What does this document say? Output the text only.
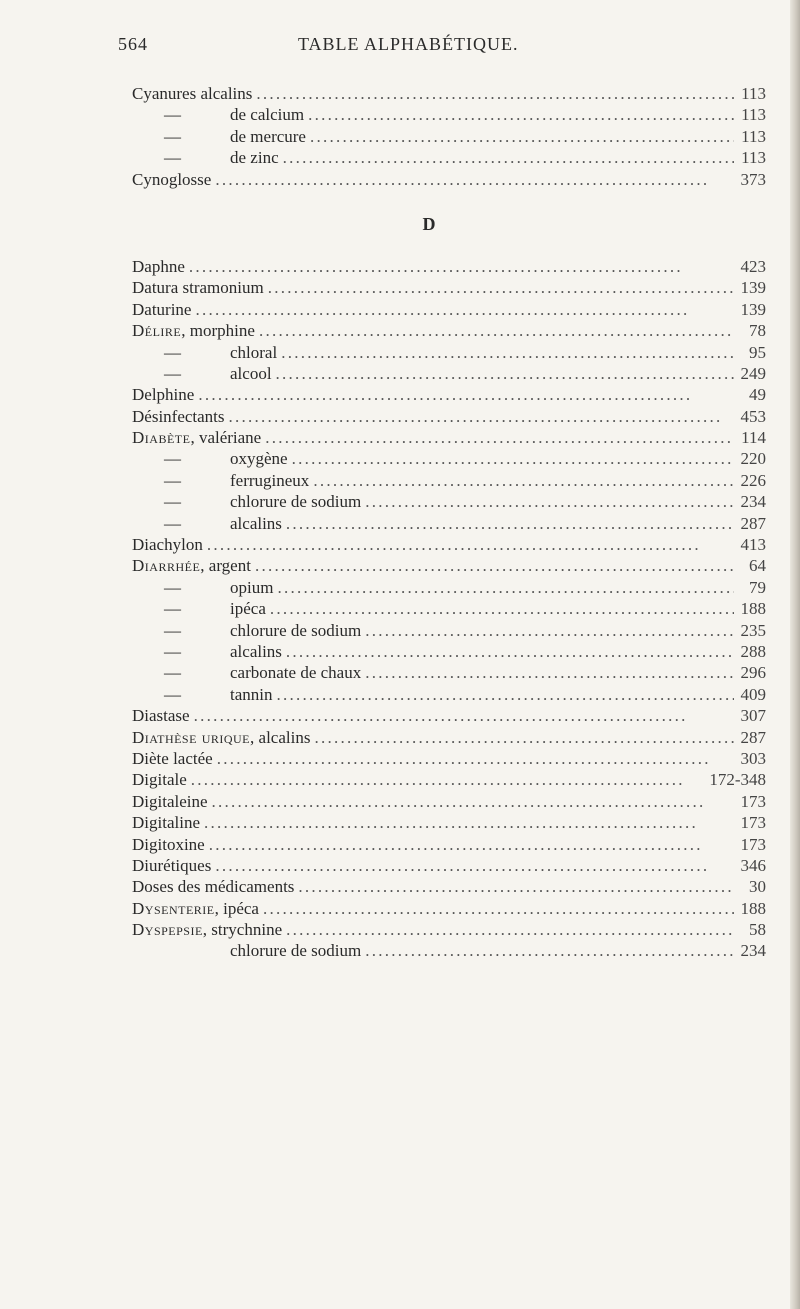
564	TABLE ALPHABÉTIQUE.
Cyanures alcalins . . .	113
—	de calcium . . .	113
—	de mercure . . .	113
—	de zinc . . .	113
Cynoglosse . . .	373
D
Daphne . . .	423
Datura stramonium . . .	139
Daturine . . .	139
Délire, morphine . . .	78
—	chloral . . .	95
—	alcool . . .	249
Delphine . . .	49
Désinfectants . . .	453
Diabète, valériane . . .	114
—	oxygène . . .	220
—	ferrugineux . . .	226
—	chlorure de sodium . . .	234
—	alcalins . . .	287
Diachylon . . .	413
Diarrhée, argent . . .	64
—	opium . . .	79
—	ipéca . . .	188
—	chlorure de sodium . . .	235
—	alcalins . . .	288
—	carbonate de chaux . . .	296
—	tannin . . .	409
Diastase . . .	307
Diathèse urique, alcalins . . .	287
Diète lactée . . .	303
Digitale . . .	172-348
Digitaleine . . .	173
Digitaline . . .	173
Digitoxine . . .	173
Diurétiques . . .	346
Doses des médicaments . . .	30
Dysenterie, ipéca . . .	188
Dyspepsie, strychnine . . .	58
chlorure de sodium . . .	234
